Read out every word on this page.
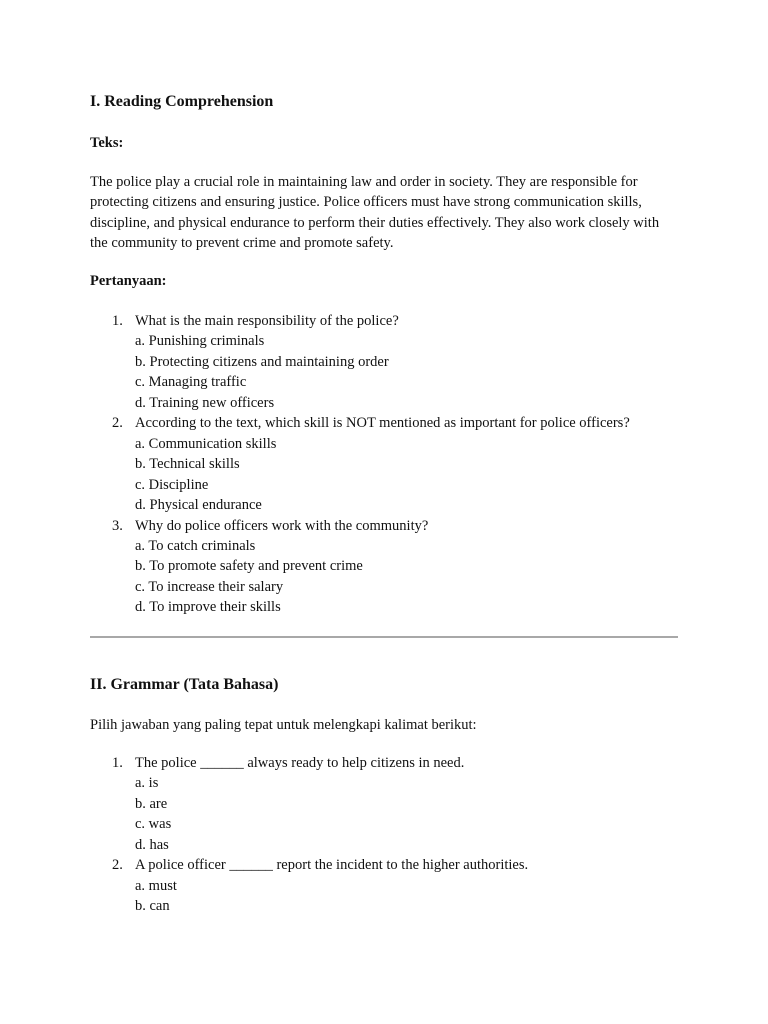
I. Reading Comprehension
Teks:

The police play a crucial role in maintaining law and order in society. They are responsible for protecting citizens and ensuring justice. Police officers must have strong communication skills, discipline, and physical endurance to perform their duties effectively. They also work closely with the community to prevent crime and promote safety.

Pertanyaan:
1. What is the main responsibility of the police?
a. Punishing criminals
b. Protecting citizens and maintaining order
c. Managing traffic
d. Training new officers
2. According to the text, which skill is NOT mentioned as important for police officers?
a. Communication skills
b. Technical skills
c. Discipline
d. Physical endurance
3. Why do police officers work with the community?
a. To catch criminals
b. To promote safety and prevent crime
c. To increase their salary
d. To improve their skills
II. Grammar (Tata Bahasa)
Pilih jawaban yang paling tepat untuk melengkapi kalimat berikut:
1. The police ______ always ready to help citizens in need.
a. is
b. are
c. was
d. has
2. A police officer ______ report the incident to the higher authorities.
a. must
b. can
